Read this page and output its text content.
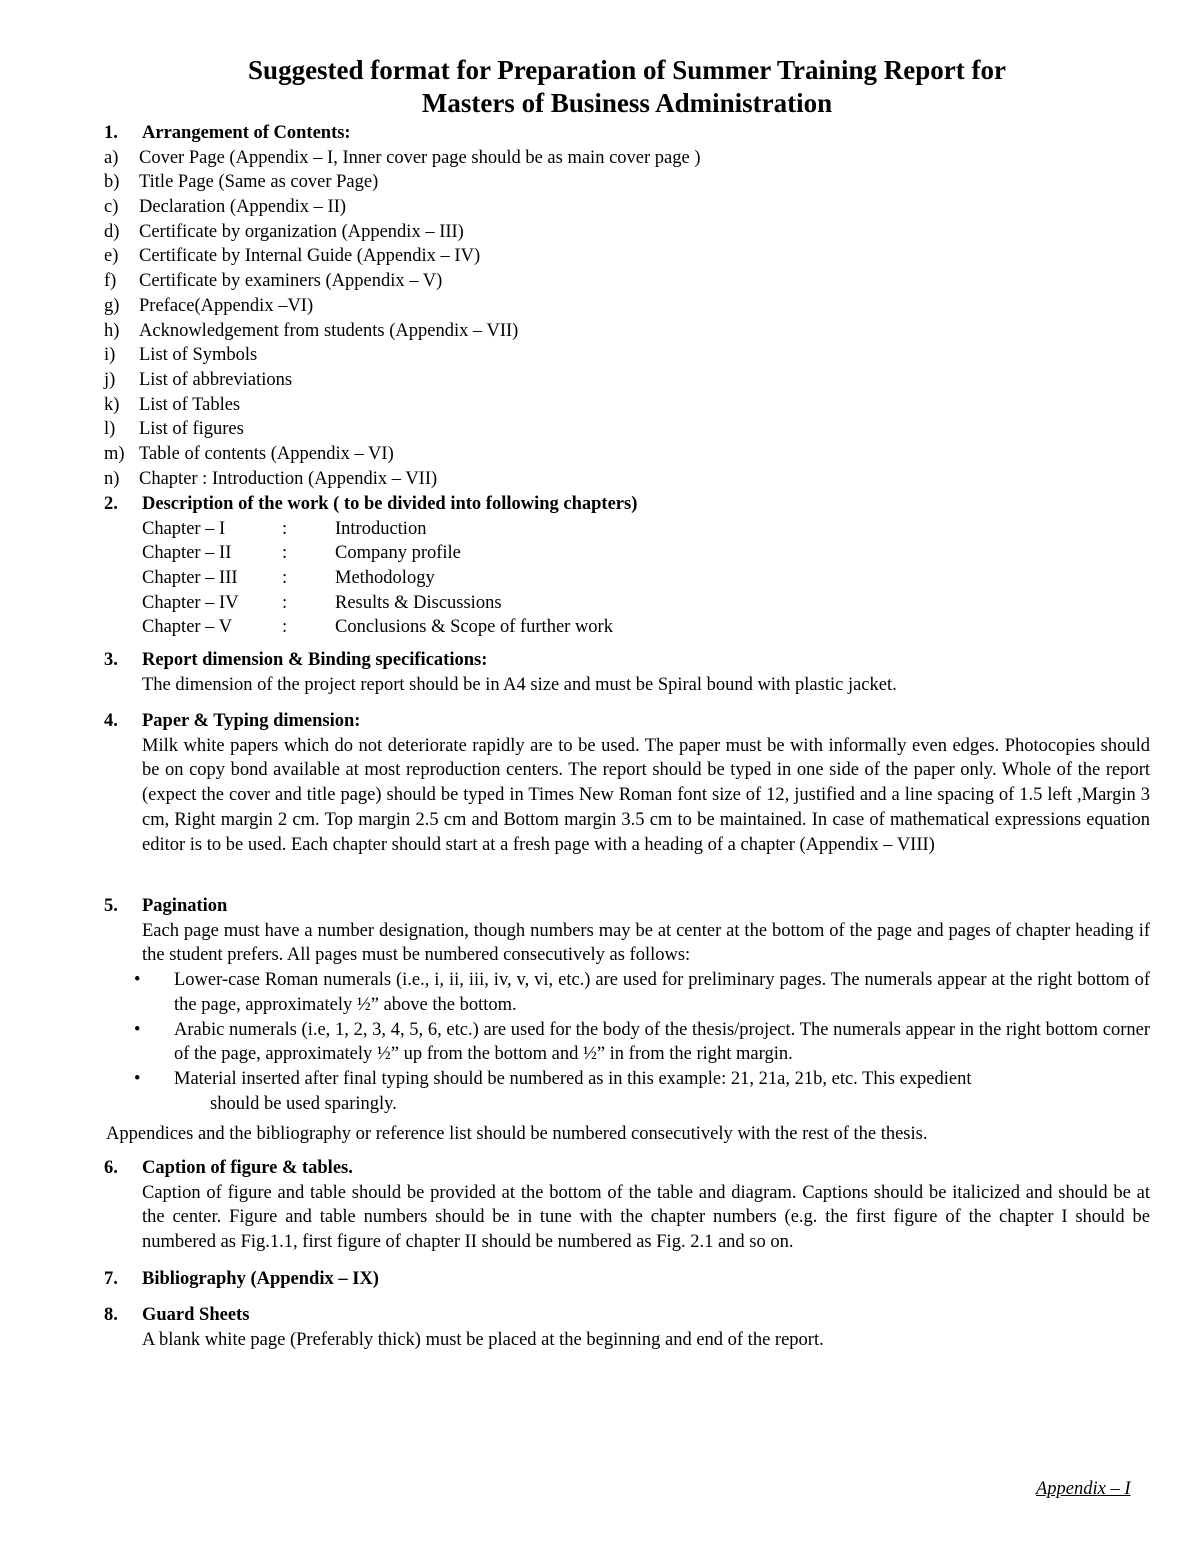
Suggested format for Preparation of Summer Training Report for
Masters of Business Administration
1. Arrangement of Contents:
a) Cover Page (Appendix – I, Inner cover page should be as main cover page )
b) Title Page (Same as cover Page)
c) Declaration (Appendix – II)
d) Certificate by organization (Appendix – III)
e) Certificate by Internal Guide (Appendix – IV)
f) Certificate by examiners (Appendix – V)
g) Preface(Appendix –VI)
h) Acknowledgement from students (Appendix – VII)
i) List of Symbols
j) List of abbreviations
k) List of Tables
l) List of figures
m) Table of contents (Appendix – VI)
n) Chapter : Introduction (Appendix – VII)
2. Description of the work ( to be divided into following chapters)
Chapter – I	:	Introduction
Chapter – II	:	Company profile
Chapter – III :	Methodology
Chapter – IV :	Results & Discussions
Chapter – V	:	Conclusions & Scope of further work
3. Report dimension & Binding specifications:
The dimension of the project report should be in A4 size and must be Spiral bound with plastic jacket.
4. Paper & Typing dimension:
Milk white papers which do not deteriorate rapidly are to be used. The paper must be with informally even edges. Photocopies should be on copy bond available at most reproduction centers. The report should be typed in one side of the paper only. Whole of the report (expect the cover and title page) should be typed in Times New Roman font size of 12, justified and a line spacing of 1.5 left ,Margin 3 cm, Right margin 2 cm. Top margin 2.5 cm and Bottom margin 3.5 cm to be maintained. In case of mathematical expressions equation editor is to be used. Each chapter should start at a fresh page with a heading of a chapter (Appendix – VIII)
5. Pagination
Each page must have a number designation, though numbers may be at center at the bottom of the page and pages of chapter heading if the student prefers. All pages must be numbered consecutively as follows:
• Lower-case Roman numerals (i.e., i, ii, iii, iv, v, vi, etc.) are used for preliminary pages. The numerals appear at the right bottom of the page, approximately ½” above the bottom.
• Arabic numerals (i.e, 1, 2, 3, 4, 5, 6, etc.) are used for the body of the thesis/project. The numerals appear in the right bottom corner of the page, approximately ½” up from the bottom and ½” in from the right margin.
• Material inserted after final typing should be numbered as in this example: 21, 21a, 21b, etc. This expedient
should be used sparingly.
Appendices and the bibliography or reference list should be numbered consecutively with the rest of the thesis.
6. Caption of figure & tables.
Caption of figure and table should be provided at the bottom of the table and diagram. Captions should be italicized and should be at the center. Figure and table numbers should be in tune with the chapter numbers (e.g. the first figure of the chapter I should be numbered as Fig.1.1, first figure of chapter II should be numbered as Fig. 2.1 and so on.
7. Bibliography (Appendix – IX)
8. Guard Sheets
A blank white page (Preferably thick) must be placed at the beginning and end of the report.
Appendix – I
